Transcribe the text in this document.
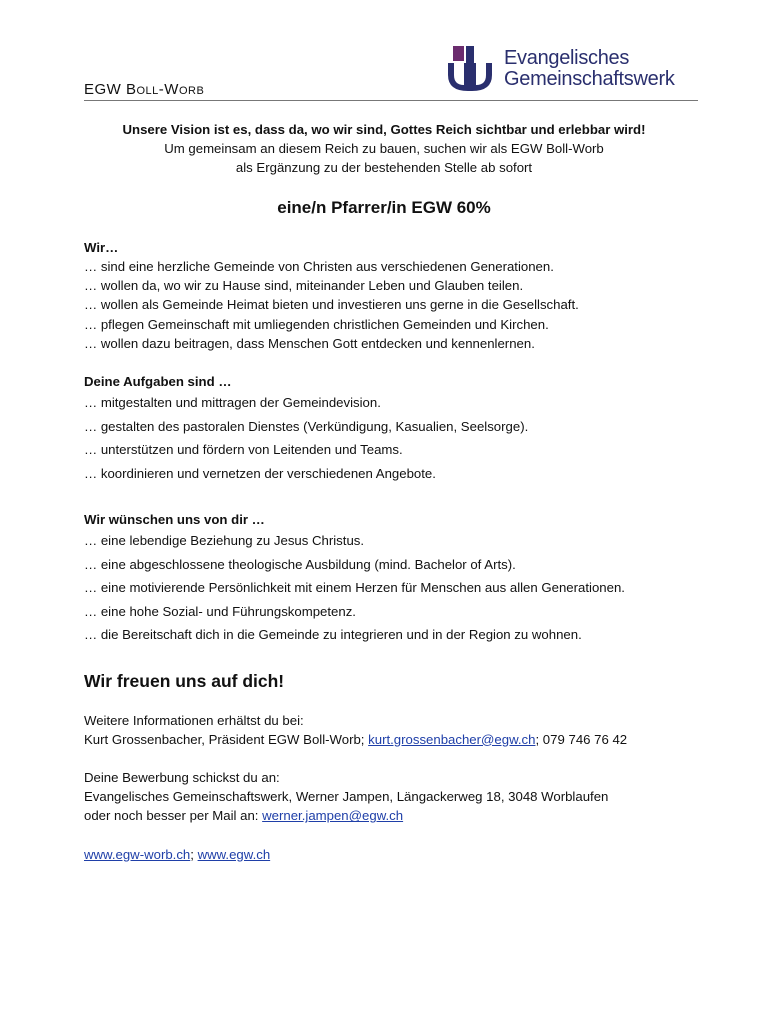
EGW Boll-Worb
Evangelisches
Gemeinschaftswerk
Unsere Vision ist es, dass da, wo wir sind, Gottes Reich sichtbar und erlebbar wird!
Um gemeinsam an diesem Reich zu bauen, suchen wir als EGW Boll-Worb
als Ergänzung zu der bestehenden Stelle ab sofort
eine/n Pfarrer/in EGW 60%
Wir…
… sind eine herzliche Gemeinde von Christen aus verschiedenen Generationen.
… wollen da, wo wir zu Hause sind, miteinander Leben und Glauben teilen.
… wollen als Gemeinde Heimat bieten und investieren uns gerne in die Gesellschaft.
… pflegen Gemeinschaft mit umliegenden christlichen Gemeinden und Kirchen.
… wollen dazu beitragen, dass Menschen Gott entdecken und kennenlernen.
Deine Aufgaben sind …
… mitgestalten und mittragen der Gemeindevision.
… gestalten des pastoralen Dienstes (Verkündigung, Kasualien, Seelsorge).
… unterstützen und fördern von Leitenden und Teams.
… koordinieren und vernetzen der verschiedenen Angebote.
Wir wünschen uns von dir …
… eine lebendige Beziehung zu Jesus Christus.
… eine abgeschlossene theologische Ausbildung (mind. Bachelor of Arts).
… eine motivierende Persönlichkeit mit einem Herzen für Menschen aus allen Generationen.
… eine hohe Sozial- und Führungskompetenz.
… die Bereitschaft dich in die Gemeinde zu integrieren und in der Region zu wohnen.
Wir freuen uns auf dich!
Weitere Informationen erhältst du bei:
Kurt Grossenbacher, Präsident EGW Boll-Worb; kurt.grossenbacher@egw.ch; 079 746 76 42
Deine Bewerbung schickst du an:
Evangelisches Gemeinschaftswerk, Werner Jampen, Längackerweg 18, 3048 Worblaufen
oder noch besser per Mail an: werner.jampen@egw.ch
www.egw-worb.ch; www.egw.ch
